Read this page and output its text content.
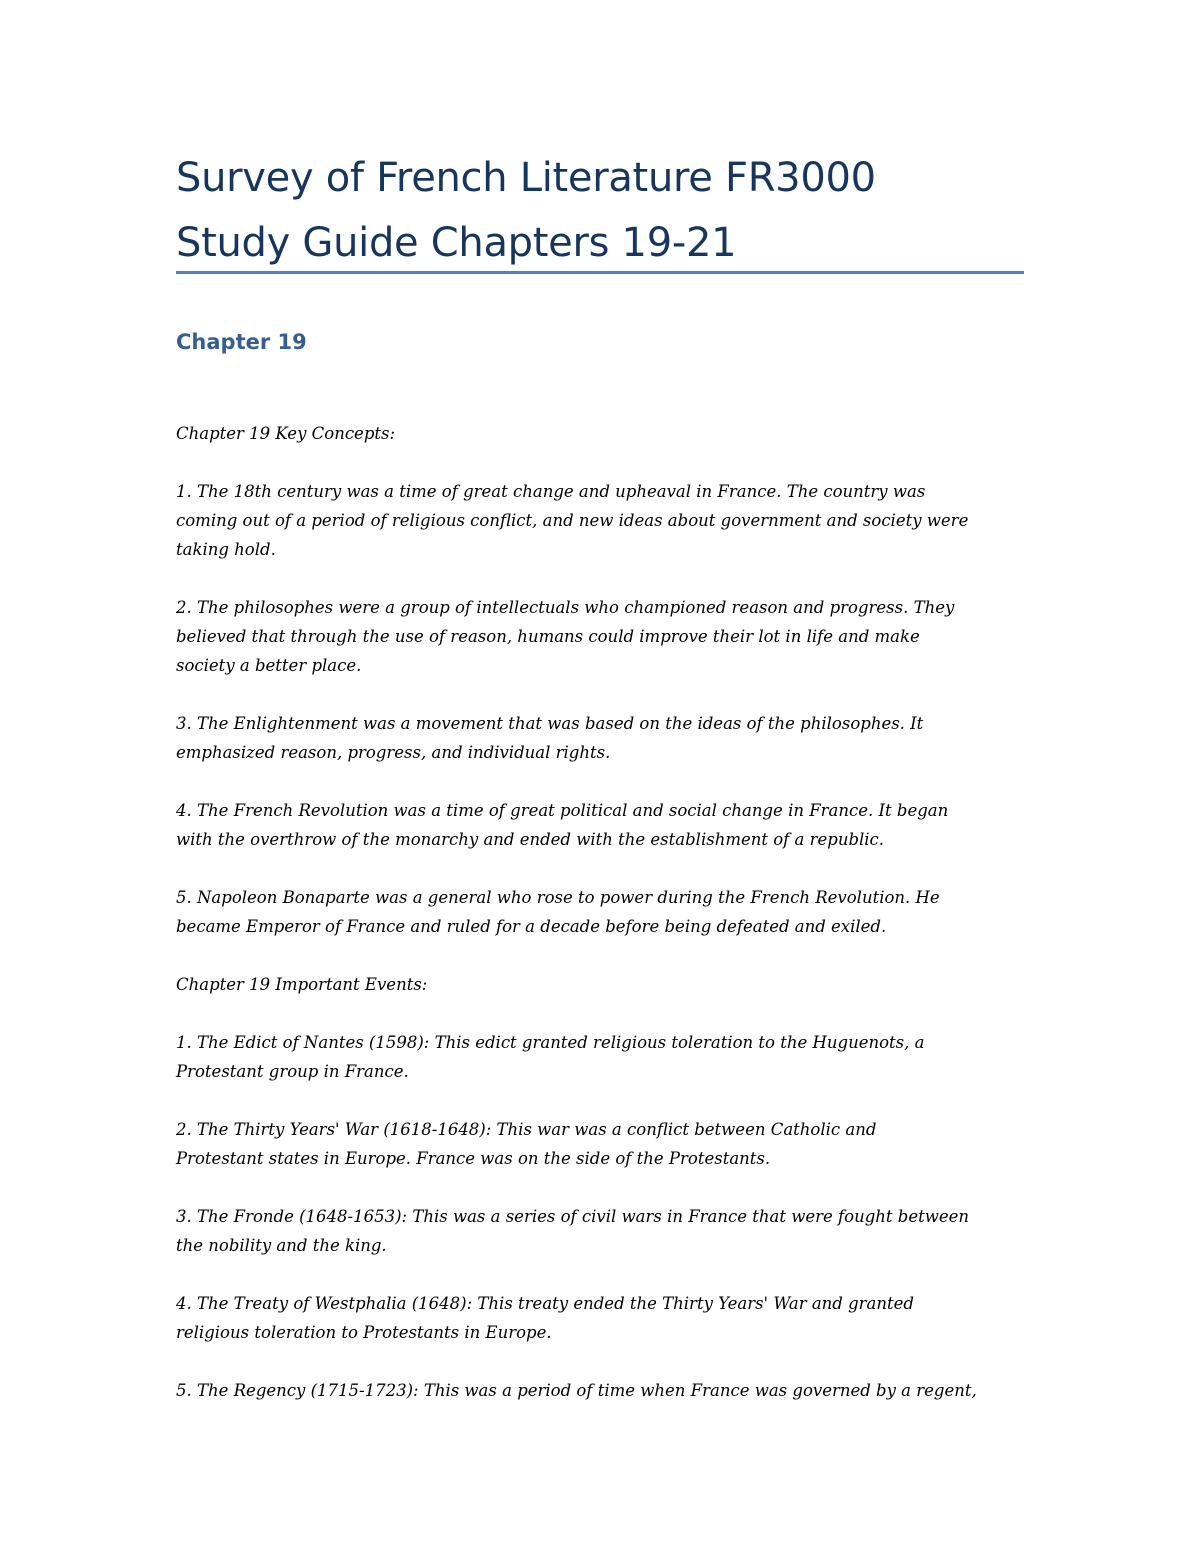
Survey of French Literature FR3000
Study Guide Chapters 19-21
Chapter 19

Chapter 19 Key Concepts:

1. The 18th century was a time of great change and upheaval in France. The country was
coming out of a period of religious conflict, and new ideas about government and society were
taking hold.

2. The philosophes were a group of intellectuals who championed reason and progress. They
believed that through the use of reason, humans could improve their lot in life and make
society a better place.

3. The Enlightenment was a movement that was based on the ideas of the philosophes. It
emphasized reason, progress, and individual rights.

4. The French Revolution was a time of great political and social change in France. It began
with the overthrow of the monarchy and ended with the establishment of a republic.

5. Napoleon Bonaparte was a general who rose to power during the French Revolution. He
became Emperor of France and ruled for a decade before being defeated and exiled.

Chapter 19 Important Events:

1. The Edict of Nantes (1598): This edict granted religious toleration to the Huguenots, a
Protestant group in France.

2. The Thirty Years' War (1618-1648): This war was a conflict between Catholic and
Protestant states in Europe. France was on the side of the Protestants.

3. The Fronde (1648-1653): This was a series of civil wars in France that were fought between
the nobility and the king.

4. The Treaty of Westphalia (1648): This treaty ended the Thirty Years' War and granted
religious toleration to Protestants in Europe.

5. The Regency (1715-1723): This was a period of time when France was governed by a regent,
